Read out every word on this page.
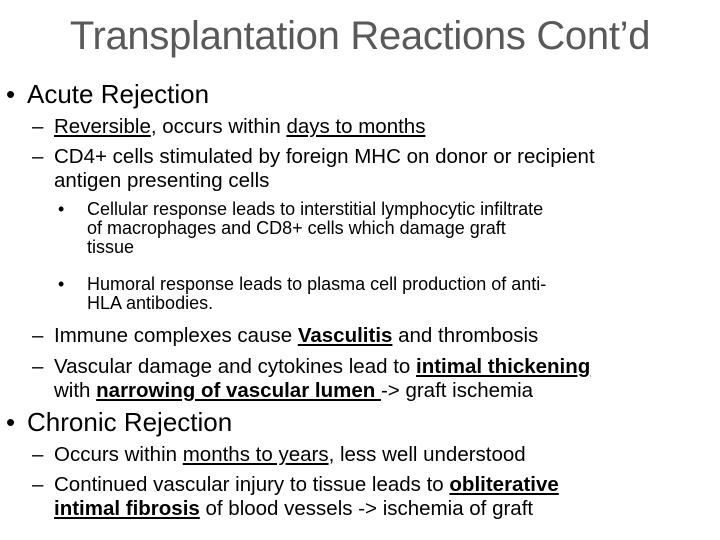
Transplantation Reactions Cont’d
• Acute Rejection
– Reversible, occurs within days to months
– CD4+ cells stimulated by foreign MHC on donor or recipient
antigen presenting cells
•	Cellular response leads to interstitial lymphocytic infiltrate
of macrophages and CD8+ cells which damage graft
tissue
•	Humoral response leads to plasma cell production of anti-
HLA antibodies.
– Immune complexes cause Vasculitis and thrombosis
– Vascular damage and cytokines lead to intimal thickening
with narrowing of vascular lumen -> graft ischemia
• Chronic Rejection
– Occurs within months to years, less well understood
– Continued vascular injury to tissue leads to obliterative
intimal fibrosis of blood vessels -> ischemia of graft
